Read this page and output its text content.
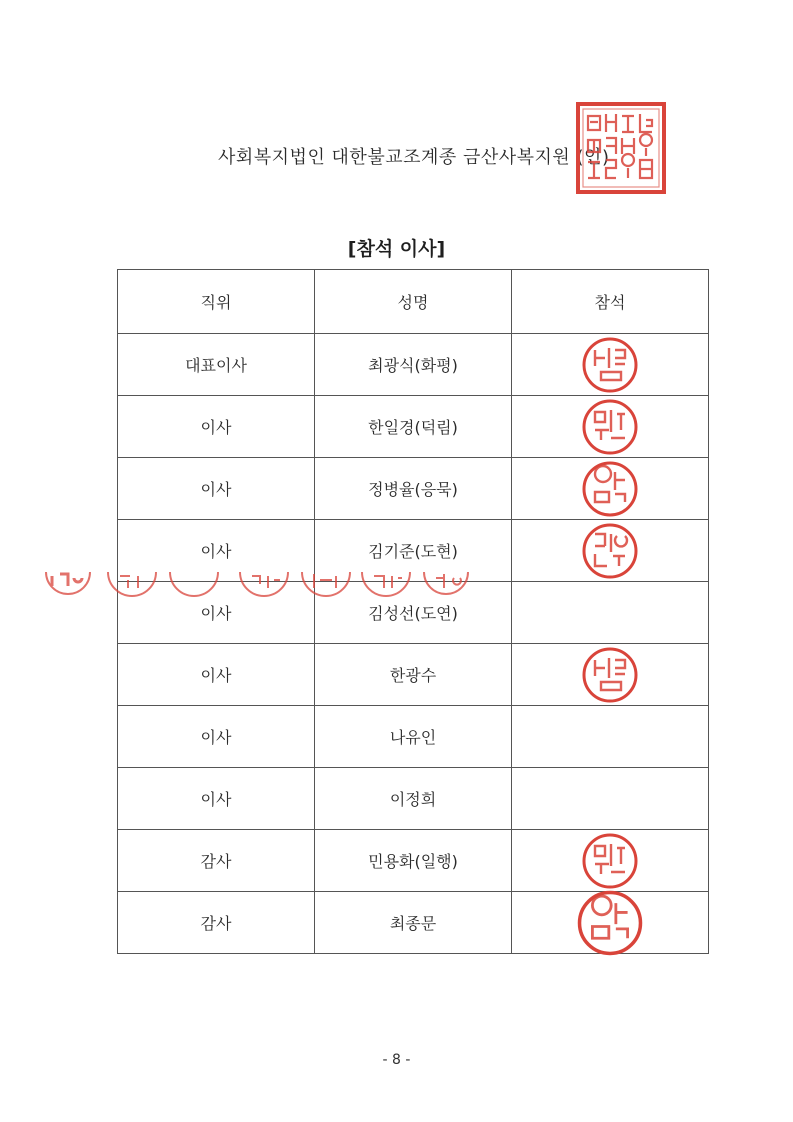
사회복지법인 대한불교조계종 금산사복지원 (인)
[참석 이사]
직위	성명	참석
대표이사	최광식(화평)	

이사	한일경(덕림)	

이사	정병율(응묵)	

이사	김기준(도현)	

이사	김성선(도연)	
이사	한광수	

이사	나유인	
이사	이정희	
감사	민용화(일행)	

감사	최종문	
- 8 -
